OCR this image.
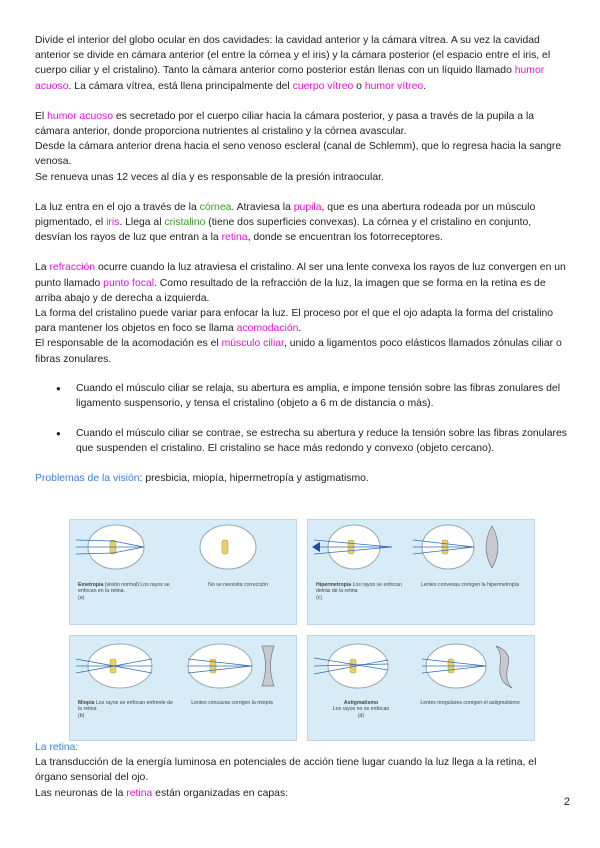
Divide el interior del globo ocular en dos cavidades: la cavidad anterior y la cámara vítrea. A su vez la cavidad anterior se divide en cámara anterior (el entre la córnea y el iris) y la cámara posterior (el espacio entre el iris, el cuerpo ciliar y el cristalino). Tanto la cámara anterior como posterior están llenas con un líquido llamado humor acuoso. La cámara vítrea, está llena principalmente del cuerpo vítreo o humor vítreo.

El humor acuoso es secretado por el cuerpo ciliar hacia la cámara posterior, y pasa a través de la pupila a la cámara anterior, donde proporciona nutrientes al cristalino y la córnea avascular.

Desde la cámara anterior drena hacia el seno venoso escleral (canal de Schlemm), que lo regresa hacia la sangre venosa.

Se renueva unas 12 veces al día y es responsable de la presión intraocular.

La luz entra en el ojo a través de la córnea. Atraviesa la pupila, que es una abertura rodeada por un músculo pigmentado, el iris. Llega al cristalino (tiene dos superficies convexas). La córnea y el cristalino en conjunto, desvían los rayos de luz que entran a la retina, donde se encuentran los fotorreceptores.

La refracción ocurre cuando la luz atraviesa el cristalino. Al ser una lente convexa los rayos de luz convergen en un punto llamado punto focal. Como resultado de la refracción de la luz, la imagen que se forma en la retina es de arriba abajo y de derecha a izquierda.

La forma del cristalino puede variar para enfocar la luz. El proceso por el que el ojo adapta la forma del cristalino para mantener los objetos en foco se llama acomodación.

El responsable de la acomodación es el músculo ciliar, unido a ligamentos poco elásticos llamados zónulas ciliar o fibras zonulares.

● Cuando el músculo ciliar se relaja, su abertura es amplia, e impone tensión sobre las fibras zonulares del ligamento suspensorio, y tensa el cristalino (objeto a 6 m de distancia o más).
● Cuando el músculo ciliar se contrae, se estrecha su abertura y reduce la tensión sobre las fibras zonulares que suspenden el cristalino. El cristalino se hace más redondo y convexo (objeto cercano).

Problemas de la visión: presbicia, miopía, hipermetropía y astigmatismo.

Emetropía (visión normal) Los rayos se enfocan en la retina.
(a)
No se necesita corrección	Hipermetropía Los rayos se enfocan detrás de la retina
(c)
Lentes convexas corrigen la hipermetropía
Miopía Los rayos se enfocan enfrente de la retina
(b)
Lentes cóncavas corrigen la miopía	Astigmatismo
Los rayos no se enfocan
(d)
Lentes irregulares corrigen el astigmatismo

La retina:

La transducción de la energía luminosa en potenciales de acción tiene lugar cuando la luz llega a la retina, el órgano sensorial del ojo.

Las neuronas de la retina están organizadas en capas:

2
